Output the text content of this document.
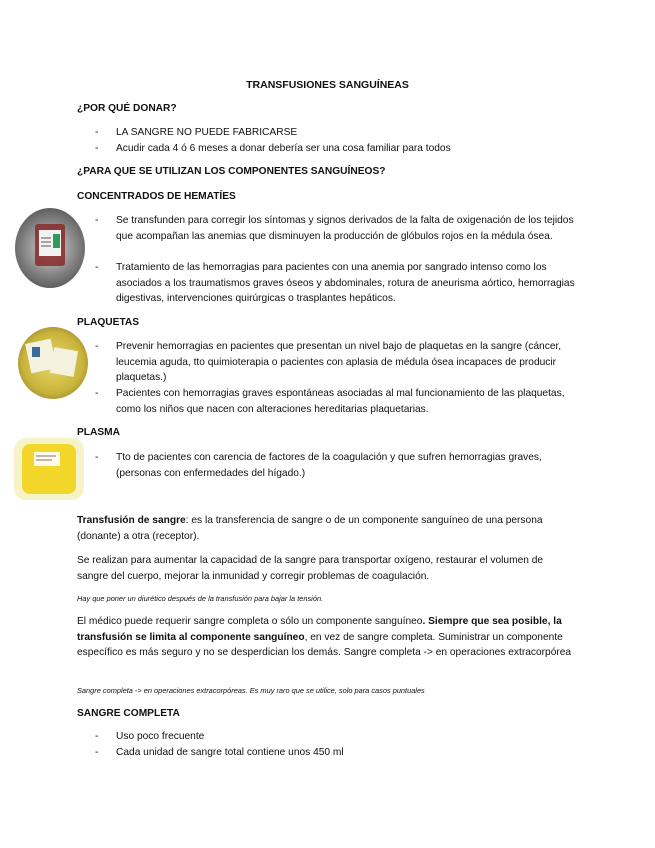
TRANSFUSIONES SANGUÍNEAS
¿POR QUÉ DONAR?
- LA SANGRE NO PUEDE FABRICARSE
- Acudir cada 4 ó 6 meses a donar debería ser una cosa familiar para todos
¿PARA QUE SE UTILIZAN LOS COMPONENTES SANGUÍNEOS?
CONCENTRADOS DE HEMATÍES
- Se transfunden para corregir los síntomas y signos derivados de la falta de oxigenación de los tejidos que acompañan las anemias que disminuyen la producción de glóbulos rojos en la médula ósea.
- Tratamiento de las hemorragias para pacientes con una anemia por sangrado intenso como los asociados a los traumatismos graves óseos y abdominales, rotura de aneurisma aórtico, hemorragias digestivas, intervenciones quirúrgicas o trasplantes hepáticos.
PLAQUETAS
- Prevenir hemorragias en pacientes que presentan un nivel bajo de plaquetas en la sangre (cáncer, leucemia aguda, tto quimioterapia o pacientes con aplasia de médula ósea incapaces de producir plaquetas.)
- Pacientes con hemorragias graves espontáneas asociadas al mal funcionamiento de las plaquetas, como los niños que nacen con alteraciones hereditarias plaquetarias.
PLASMA
- Tto de pacientes con carencia de factores de la coagulación y que sufren hemorragias graves, (personas con enfermedades del hígado.)
Transfusión de sangre: es la transferencia de sangre o de un componente sanguíneo de una persona (donante) a otra (receptor).
Se realizan para aumentar la capacidad de la sangre para transportar oxígeno, restaurar el volumen de sangre del cuerpo, mejorar la inmunidad y corregir problemas de coagulación.
Hay que poner un diurético después de la transfusión para bajar la tensión.
El médico puede requerir sangre completa o sólo un componente sanguíneo. Siempre que sea posible, la transfusión se limita al componente sanguíneo, en vez de sangre completa. Suministrar un componente específico es más seguro y no se desperdician los demás. Sangre completa -> en operaciones extracorpórea
Sangre completa -> en operaciones extracorpóreas. Es muy raro que se utilice, solo para casos puntuales
SANGRE COMPLETA
- Uso poco frecuente
- Cada unidad de sangre total contiene unos 450 ml
